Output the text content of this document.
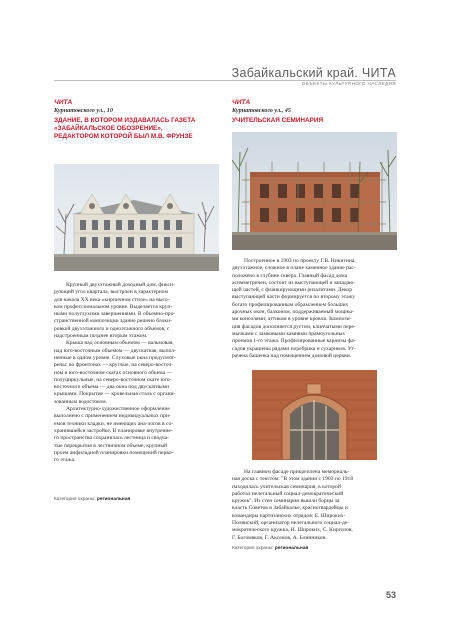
Забайкальский край. ЧИТА
ОБЪЕКТЫ КУЛЬТУРНОГО НАСЛЕДИЯ
ЧИТА
Курнатовского ул., 10
ЗДАНИЕ, В КОТОРОМ ИЗДАВАЛАСЬ ГАЗЕТА
«ЗАБАЙКАЛЬСКОЕ ОБОЗРЕНИЕ»,
РЕДАКТОРОМ КОТОРОЙ БЫЛ М.В. ФРУНЗЕ

Крупный двухэтажный доходный дом, фикси-

рующий угол квартала, выстроен в характерном
для начала XX века «кирпичном стиле» на высо-
ком профессиональном уровне. Выделяется круп-
ными полуглухими завершениями. В объемно-про-
странственной композиции здание решено блоки-
ровкой двухэтажного и одноэтажного объемов, с
надстроенным позднее вторым этажом.

Крыша над основным объемом — вальмовая,

над юго-восточным объемом — двускатная, выпол-
ненные в одном уровне. Слуховые окна предусмот-
рены: во фронтонах — круглые, на северо-восточ-
ном и юго-восточном скатах основного объема —
полуциркульные, на северо-восточном скате юго-
восточного объема — два окна под двускатными
крышами. Покрытие — кровельная сталь с органи-
зованным водостоком.

Архитектурно-художественное оформление

выполнено с применением индивидуальных при-
емов техники кладки, не имеющих ана-логов в со-
хранившейся застройке. В планировке внутренне-
го пространства сохранилась лестница и сводча-
тые перекрытия в лестничном объеме, крупный
проем анфиладной планировки помещений перво-
го этажа.
Категория охраны: региональная
ЧИТА
Курнатовского ул., 45
УЧИТЕЛЬСКАЯ СЕМИНАРИЯ

Построенное в 1903 по проекту Г.В. Никитина,

двухэтажное, сложное в плане каменное здание рас-
положено в глубине сквера. Главный фасад дома
асимметричен, состоит из выступающей и западаю-
щей частей, с фланкирующими ризалитами. Декор
выступающей части формируется по второму этажу
богато профилированным обрамлением больших
арочных окон, балконом, поддерживаемый мощны-
ми консолями; аттиком в уровне кровли. Компози-
ция фасадов дополняется рустом, клинчатыми пере-
мычками с замковыми камнями прямоугольных
проемов 1-го этажа. Профилированные карнизы фа-
садов украшены рядами поребрика и сухариков. Ут-
рачена башенка над помещением домовой церкви.

На главном фасаде прикреплена мемориаль-

ная доска с текстом: "В этом здании с 1903 по 1918
находилась учительская семинария, в которой
работал нелегальный социал-демократический
кружок". Из стен семинарии вышли борцы за
власть Советов в Забайкалье, красногвардейцы и
командиры партизанских отрядов: Е. Широких-
Полянский, организатор нелегального социал-де-
мократического кружка, Н. Широких, С. Киргизов,
Г. Богомяков, Г. Аксенов, А. Блинников.
Категория охраны: региональная
53
